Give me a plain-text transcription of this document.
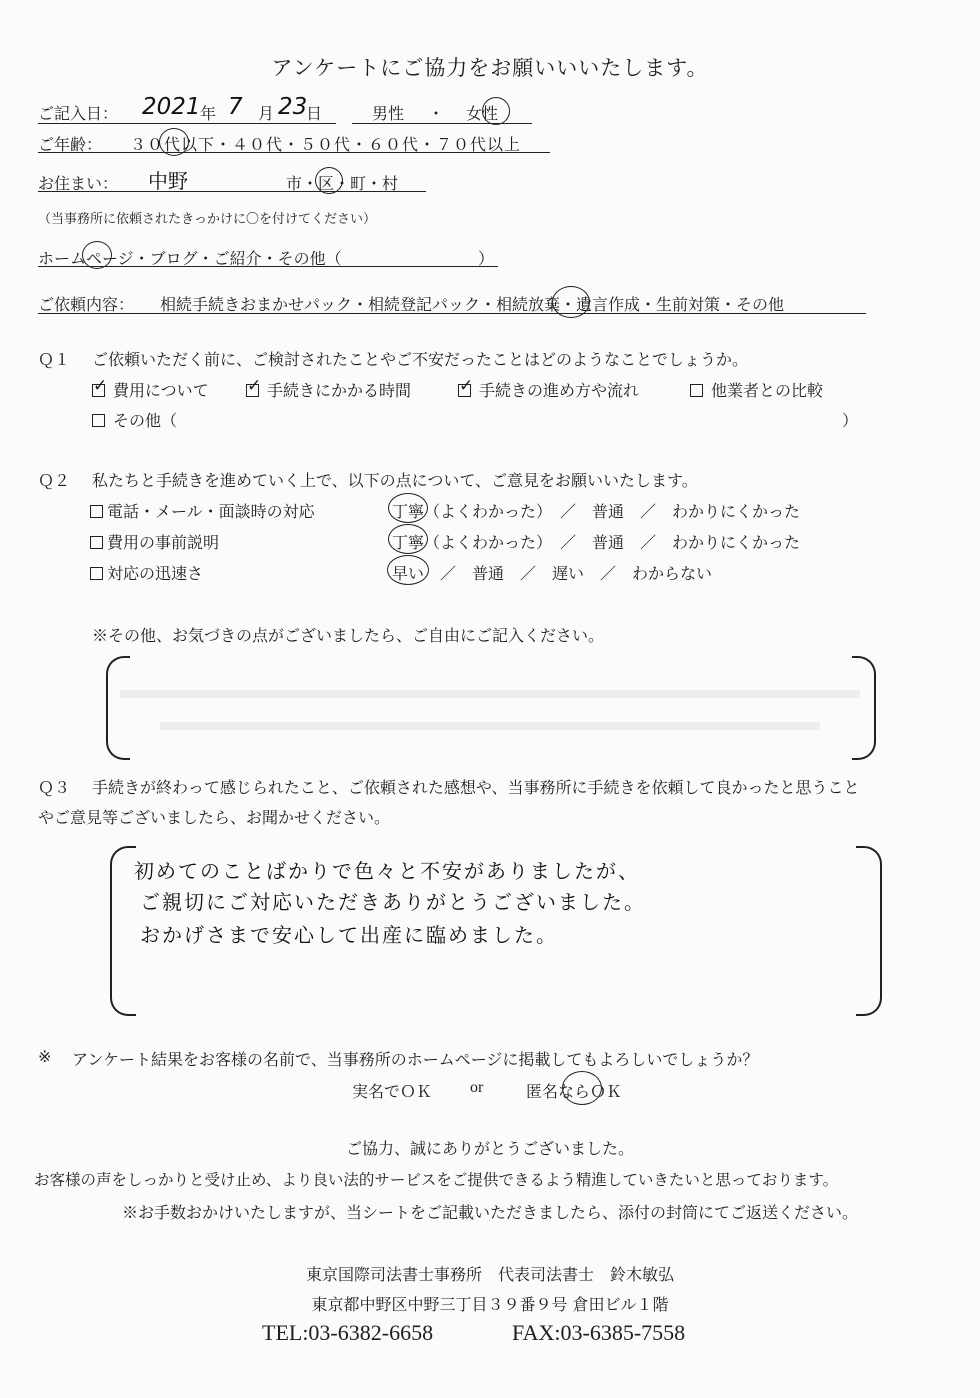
アンケートにご協力をお願いいいたします。
ご記入日： 2021 年 7 月 23
日	男性 ・ 女性
ご年齢： ３０代以下・４０代・５０代・６０代・７０代以上
お住まい： 中野	市・区・町・村
（当事務所に依頼されたきっかけに〇を付けてください）
ホームページ・ブログ・ご紹介・その他（	）
ご依頼内容： 相続手続きおまかせパック・相続登記パック・相続放棄・遺言作成・生前対策・その他
Ｑ１ ご依頼いただく前に、ご検討されたことやご不安だったことはどのようなことでしょうか。
✓費用について ✓	手続きにかかる時間 ✓	手続きの進め方や流れ	他業者との比較
その他（	）
Ｑ２ 私たちと手続きを進めていく上で、以下の点について、ご意見をお願いいたします。
電話・メール・面談時の対応	丁寧（よくわかった）　／　普通　／　わかりにくかった
費用の事前説明	丁寧（よくわかった）　／　普通　／　わかりにくかった
対応の迅速さ	早い　／　普通　／　遅い　／　わからない
※その他、お気づきの点がございましたら、ご自由にご記入ください。
Ｑ３ 手続きが終わって感じられたこと、ご依頼された感想や、当事務所に手続きを依頼して良かったと思うこと
やご意見等ございましたら、お聞かせください。
初めてのことばかりで色々と不安がありましたが、
ご親切にご対応いただきありがとうございました。
おかげさまで安心して出産に臨めました。
※ アンケート結果をお客様の名前で、当事務所のホームページに掲載してもよろしいでしょうか？
実名でＯＫ or	匿名ならＯＫ
ご協力、誠にありがとうございました。
お客様の声をしっかりと受け止め、より良い法的サービスをご提供できるよう精進していきたいと思っております。
※お手数おかけいたしますが、当シートをご記載いただきましたら、添付の封筒にてご返送ください。
東京国際司法書士事務所　代表司法書士　鈴木敏弘
東京都中野区中野三丁目３９番９号 倉田ビル１階
TEL:03-6382-6658	FAX:03-6385-7558
